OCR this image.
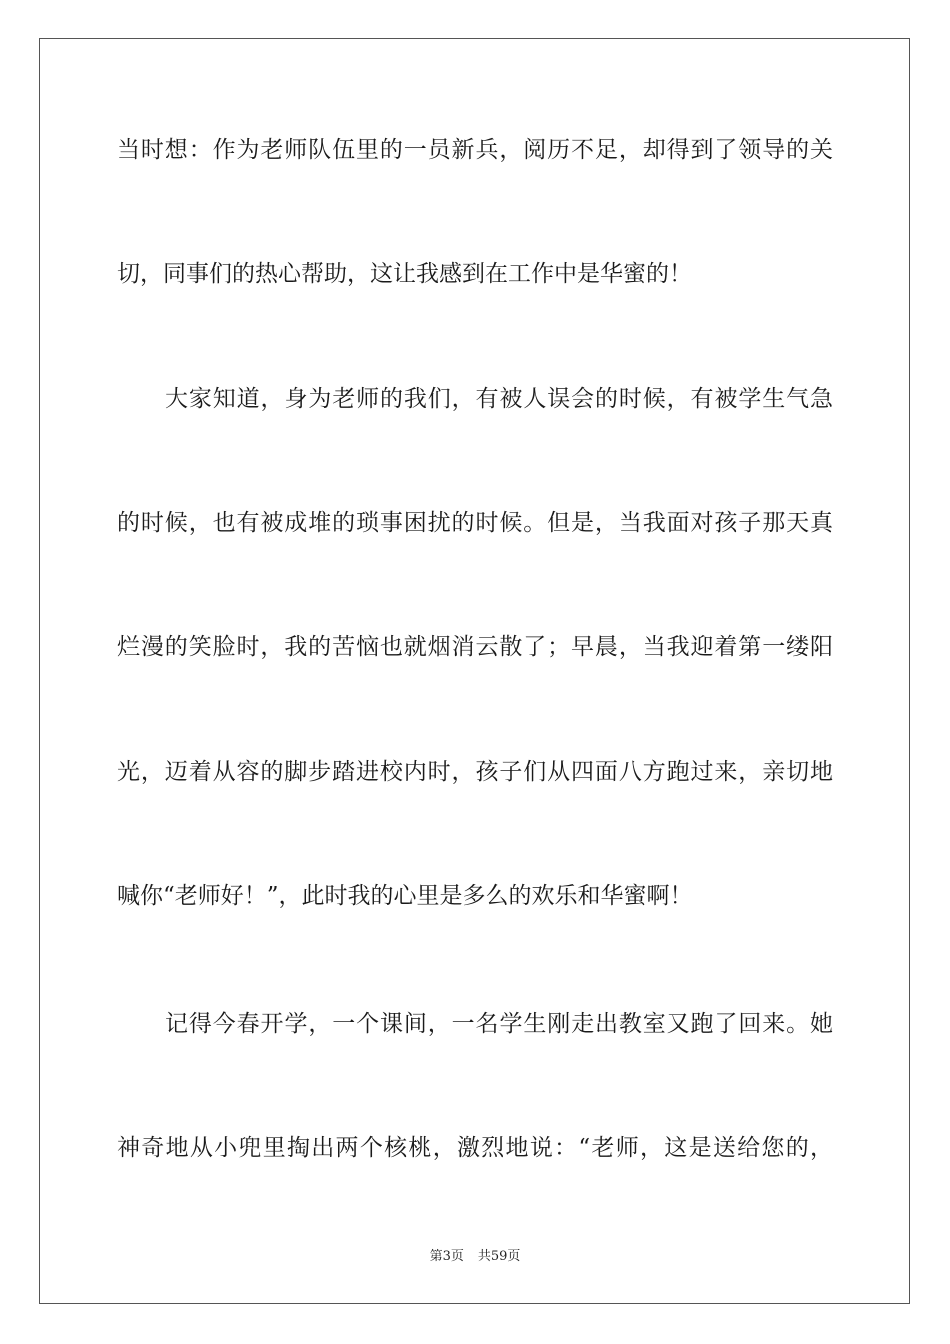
当时想：作为老师队伍里的一员新兵，阅历不足，却得到了领导的关
切，同事们的热心帮助，这让我感到在工作中是华蜜的！
大家知道，身为老师的我们，有被人误会的时候，有被学生气急
的时候，也有被成堆的琐事困扰的时候。但是，当我面对孩子那天真
烂漫的笑脸时，我的苦恼也就烟消云散了；早晨，当我迎着第一缕阳
光，迈着从容的脚步踏进校内时，孩子们从四面八方跑过来，亲切地
喊你“老师好！”，此时我的心里是多么的欢乐和华蜜啊！
记得今春开学，一个课间，一名学生刚走出教室又跑了回来。她
神奇地从小兜里掏出两个核桃，激烈地说：“老师，这是送给您的，
第3页 共59页
